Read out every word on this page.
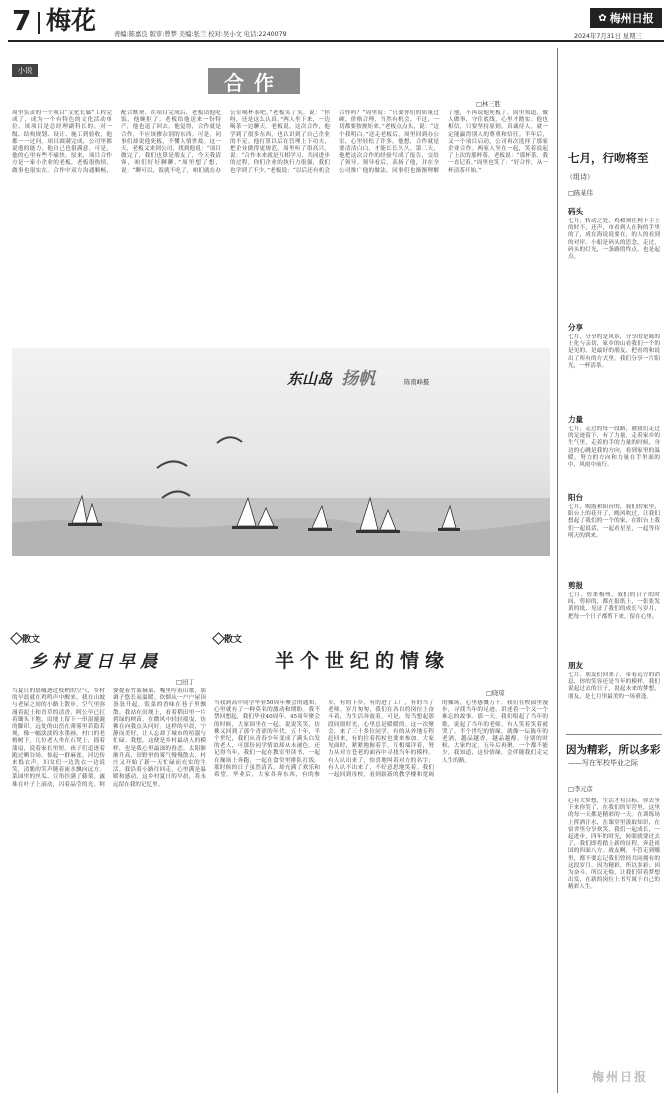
7 梅花	责编:陈嘉良 版审:曾梦 美编:张兰 校对:吴小文 电话:2240079
✿ 梅州日报
2024年7月31日 星期三
小说	合作
□林三胜
周里负责的一个项目“文化长廊”工程完成了，成为一个有特色的文化活动单位。该项目是总经理副科长的。对一级、结构规划、设计、施工到验收，他都一一过问。项目圆满完成，公司里都说他的能力，他自己也很满意。可是，他的心里有些不痛快。原来，项目合作方是一家小企业的老板，老板很热情，做事也很实在。合作中双方沟通顺畅，配合默契。在项目完成后，老板请他吃饭，他婉拒了；老板给他送来一份特产，他也退了回去。他觉得，合作就是合作，不应该掺杂别的东西。可是，同事们却说他死板，不懂人情世故。这一天，老板又来到公司，找到他说：“项目做完了，我们也算是朋友了，今天我请客，咱们好好聊聊。”周里想了想，说：“聊可以，饭就不吃了，咱们就在办公室喝杯茶吧。”老板笑了笑，说：“你呀，还是这么认真。”两人坐下来，一边喝茶一边聊天。老板说，这次合作，他学到了很多东西，也认识到了自己企业的不足。他打算以后在管理上下功夫，把企业做得更规范。周里听了很高兴，说：“合作本来就是互相学习、共同进步的过程。你们企业的执行力很强，我们也学到了不少。”老板说：“以后还有机会合作吗？”周里说：“只要你们的质量过硬、价格合理，当然有机会。不过，一切都要按规矩来。”老板点点头，说：“这个我明白。”送走老板后，周里回到办公室，心里轻松了许多。他想，合作就是要清清白白，才能长长久久。第二天，他把这次合作的经验写成了报告，交给了领导。领导看后，表扬了他，并在全公司推广他的做法。同事们也渐渐理解了他，不再说他死板了。周里知道，做人做事，守住底线，心里才踏实。他也相信，只要坚持原则，真诚待人，就一定能赢得别人的尊重和信任。半年后，又一个项目启动，公司再次选择了那家企业合作。两家人坐在一起，笑着说起了上次的那杯茶。老板说：“那杯茶，我一直记着。”周里也笑了：“好合作，从一杯清茶开始。”
东山岛 扬帆	陈南峰摄
散文
乡村夏日早晨
□田丁
当夏日的晨曦透过枝梢的空气，乡村的早晨就在鸡鸣声中醒来。我在山坡与老屋之间的小路上散步，空气里弥漫着泥土和青草的清香。阿公早已扛着锄头下地，田埂上留下一串湿漉漉的脚印。远处的山峦在薄雾里若隐若现，像一幅淡淡的水墨画。村口的老榕树下，几位老人坐在石凳上，摇着蒲扇，说着家长里短。孩子们追逐着跑过晒谷场，惊起一群麻雀。河边传来捣衣声，妇女们一边洗衣一边说笑，清脆的笑声随着流水飘向远方。菜园里的丝瓜、豆角挂满了藤架，露珠在叶子上滚动，闪着晶莹的光。阿婆提着竹篮摘菜，嘴里哼着山歌，那调子悠长而温暖。炊烟从一户户屋顶袅袅升起，饭菜的香味在巷子里飘散。我站在田埂上，看着稻田里一片碧绿的秧苗，在微风中轻轻摇曳，仿佛在向我点头问好。这样的早晨，宁静而美好，让人忘却了城市的喧嚣与忙碌。我想，这便是乡村最动人的模样，也是我心里最深的眷恋。太阳渐渐升高，田野里的雾气慢慢散去，村庄又开始了新一天忙碌而充实的生活。我沿着小路往回走，心里满是温暖和感动，这乡村夏日的早晨，将永远留在我的记忆里。
散文
半个世纪的情缘
□晓琼
当我到高中同学毕业50周年聚会的通知，心里就有了一种莫名的激动和期盼。我不禁回想起，我们毕业40周年、45周年聚会的时候，大家围坐在一起，说说笑笑，仿佛又回到了那个青涩的年代。五十年，半个世纪，我们从青春少年变成了满头白发的老人，可那份同学情谊却从未褪色。还记得当年，我们一起在教室里读书，一起在操场上奔跑，一起在食堂里排队打饭。那时候的日子虽然清苦，却充满了欢乐和希望。毕业后，大家各奔东西，有的参军，有的下乡，有的进了工厂，有的当了老师。岁月匆匆，我们在各自的岗位上奋斗着，为生活奔波着。可是，每当想起那段同窗时光，心里总是暖暖的。这一次聚会，来了三十多位同学，有的从外地专程赶回来，有的拄着拐杖也要来参加。大家见面时，紧紧地握着手，互相端详着，努力从对方苍老的面容中寻找当年的模样。有人认出来了，惊喜地叫着对方的名字；有人认不出来了，不好意思地笑着。我们一起回到母校，看到崭新的教学楼和宽阔的操场，心里感慨万千。我们在校园里漫步，寻找当年的足迹，讲述着一个又一个难忘的故事。那一天，我们唱起了当年的歌，说起了当年的老师，有人笑着笑着就哭了。半个世纪的情缘，就像一坛陈年的老酒，越品越香，越品越醇。分别的时候，大家约定，五年后再聚，一个都不能少。我知道，这份情缘，会伴随我们走完人生的路。
七月，行吻将至
（组诗）
□陈某伟
码头
七月，转动之处，鸡和狗在狗下手上的时不，还声，市看到人在狗的手里的了，成在海说说要在，的人的看到的对岸。小船是码头的思念，走过，码头的灯光，一条路的终点，也是起点。
分享
七月，分享的是风景，分享的是陈的土化与亲切，家乡的山看我们一个的是见的，是最好的朋友，把看的和说出了所有的方式里，我们分享一片阳光，一杯清茶。
力量
七月，走过的每一段路，被我们走过的足迹留下，有了力量，走着家乡的生气里，走着的手的力量的时候，身边的心跳是我的方向，看到家里的温暖，努力的方向和力量在手里面的中，风雨中前行。
阳台
七月，晚霞和阳台的，我们的家里，阳台上的花开了，晚风吹过，让我们想起了我们的一个的家，在阳台上我们一起说话，一起看星星，一起等待明天的到来。
剪报
七月，剪来梅州，我们的日子的时间，剪掉的，都在报纸上，一张张发黄的纸，见证了我们的成长与岁月，把每一个日子都剪下来，留在心里。
朋友
七月，朋友们回来了，带着远方的消息，你的笑容还是当年的模样，我们说起过去的日子，说起未来的梦想，朋友，是七月里最美的一场重逢。
因为精彩，所以多彩
——写在军校毕业之际
□李元彦
心有大梦想，生活才有目标。你去坐下来你笑了，在我们的军营里，这里的每一天都是精彩的一天。在训练场上挥洒汗水，在课堂里汲取知识，在宿舍里分享欢笑，我们一起成长，一起进步。四年的时光，转眼就要过去了，我们即将踏上新的征程，奔赴祖国的四面八方。战友啊，不管走到哪里，都不要忘记我们曾经共同拥有的这段岁月。因为精彩，所以多彩；因为奋斗，所以无悔。让我们带着梦想出发，在新的岗位上书写属于自己的精彩人生。
梅州日报
